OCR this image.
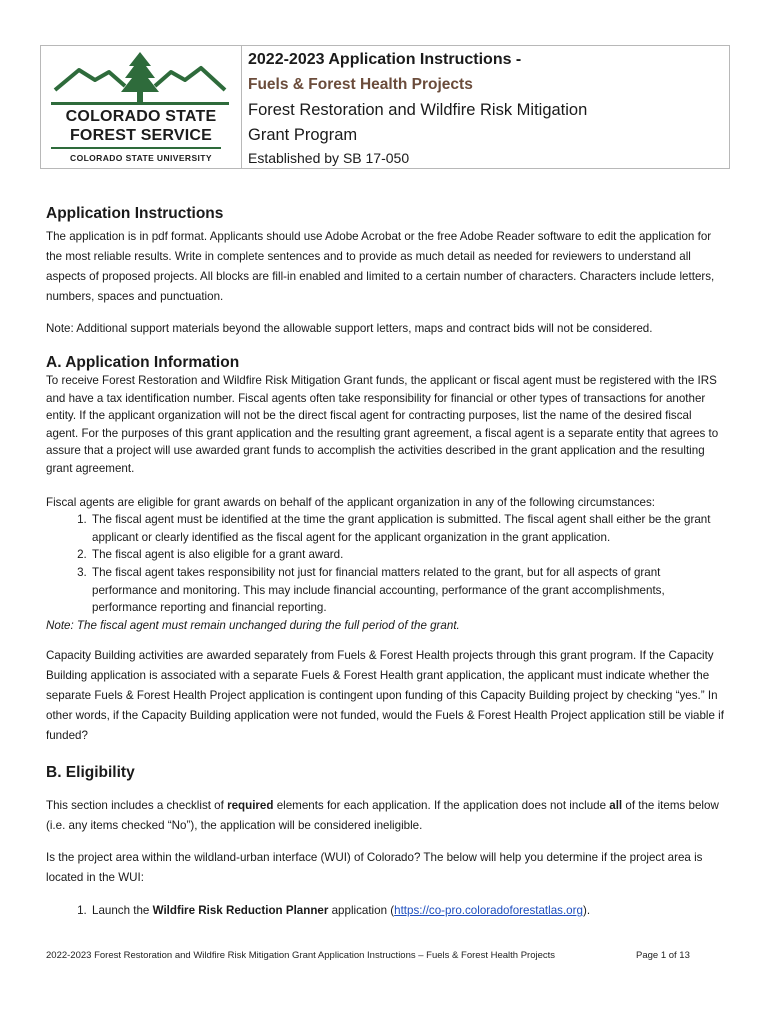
COLORADO STATE
FOREST SERVICE
COLORADO STATE UNIVERSITY
2022-2023 Application Instructions -
Fuels & Forest Health Projects
Forest Restoration and Wildfire Risk Mitigation
Grant Program
Established by SB 17-050
Application Instructions

The application is in pdf format. Applicants should use Adobe Acrobat or the free Adobe Reader software to edit the application for the most reliable results. Write in complete sentences and to provide as much detail as needed for reviewers to understand all aspects of proposed projects. All blocks are fill-in enabled and limited to a certain number of characters. Characters include letters, numbers, spaces and punctuation.

Note: Additional support materials beyond the allowable support letters, maps and contract bids will not be considered.

A. Application Information

To receive Forest Restoration and Wildfire Risk Mitigation Grant funds, the applicant or fiscal agent must be registered with the IRS and have a tax identification number. Fiscal agents often take responsibility for financial or other types of transactions for another entity. If the applicant organization will not be the direct fiscal agent for contracting purposes, list the name of the desired fiscal agent. For the purposes of this grant application and the resulting grant agreement, a fiscal agent is a separate entity that agrees to assure that a project will use awarded grant funds to accomplish the activities described in the grant application and the resulting grant agreement.

Fiscal agents are eligible for grant awards on behalf of the applicant organization in any of the following circumstances:

1. The fiscal agent must be identified at the time the grant application is submitted. The fiscal agent shall either be the grant applicant or clearly identified as the fiscal agent for the applicant organization in the grant application.
2. The fiscal agent is also eligible for a grant award.
3. The fiscal agent takes responsibility not just for financial matters related to the grant, but for all aspects of grant performance and monitoring. This may include financial accounting, performance of the grant accomplishments, performance reporting and financial reporting.

Note: The fiscal agent must remain unchanged during the full period of the grant.

Capacity Building activities are awarded separately from Fuels & Forest Health projects through this grant program. If the Capacity Building application is associated with a separate Fuels & Forest Health grant application, the applicant must indicate whether the separate Fuels & Forest Health Project application is contingent upon funding of this Capacity Building project by checking “yes.” In other words, if the Capacity Building application were not funded, would the Fuels & Forest Health Project application still be viable if funded?

B. Eligibility

This section includes a checklist of required elements for each application. If the application does not include all of the items below (i.e. any items checked “No”), the application will be considered ineligible.

Is the project area within the wildland-urban interface (WUI) of Colorado? The below will help you determine if the project area is located in the WUI:

1. Launch the Wildfire Risk Reduction Planner application (https://co-pro.coloradoforestatlas.org).
2022-2023 Forest Restoration and Wildfire Risk Mitigation Grant Application Instructions – Fuels & Forest Health Projects	Page 1 of 13
